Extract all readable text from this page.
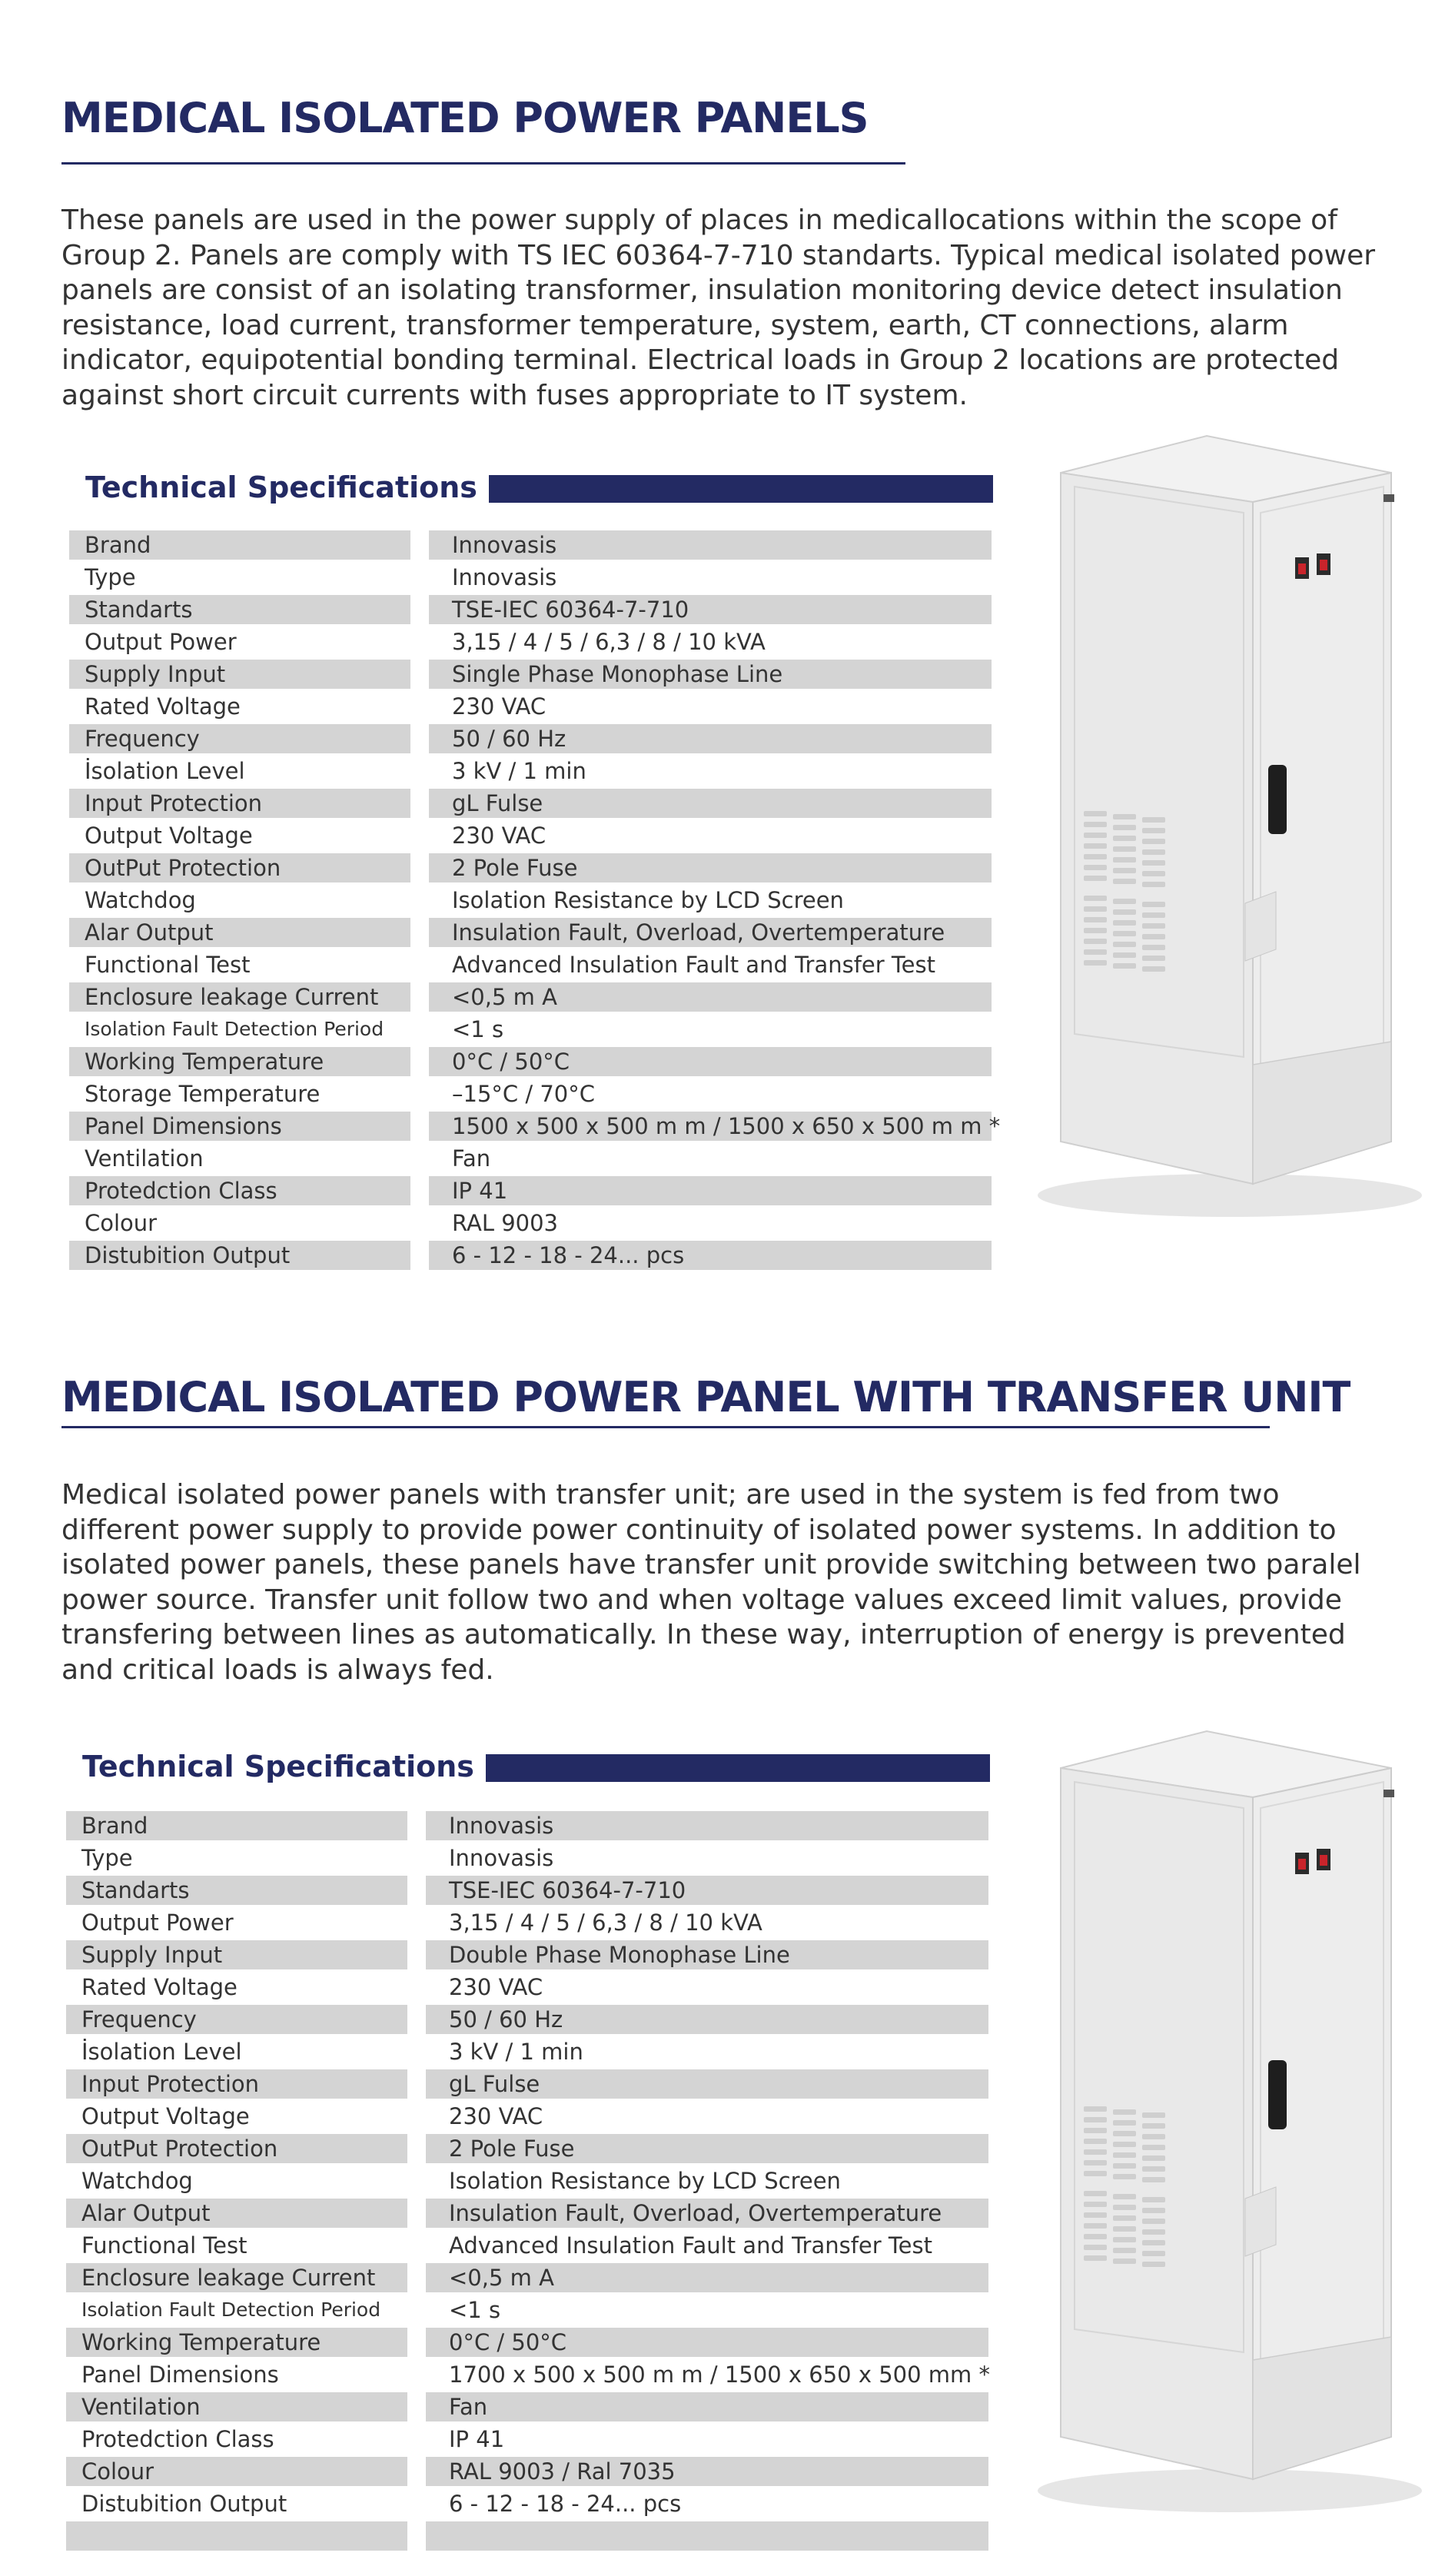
MEDICAL ISOLATED POWER PANELS

These panels are used in the power supply of places in medicallocations within the scope of Group 2. Panels are comply with TS IEC 60364-7-710 standarts. Typical medical isolated power panels are consist of an isolating transformer, insulation monitoring device detect insulation resistance, load current, transformer temperature, system, earth, CT connections, alarm indicator, equipotential bonding terminal. Electrical loads in Group 2 locations are protected against short circuit currents with fuses appropriate to IT system.

Technical Specifications
Brand	Innovasis
Type	Innovasis
Standarts	TSE-IEC 60364-7-710
Output Power	3,15 / 4 / 5 / 6,3 / 8 / 10 kVA
Supply Input	Single Phase Monophase Line
Rated Voltage	230 VAC
Frequency	50 / 60 Hz
İsolation Level	3 kV / 1 min
Input Protection	gL Fulse
Output Voltage	230 VAC
OutPut Protection	2 Pole Fuse
Watchdog	Isolation Resistance by LCD Screen
Alar Output	Insulation Fault, Overload, Overtemperature
Functional Test	Advanced Insulation Fault and Transfer Test
Enclosure leakage Current	<0,5 m A
Isolation Fault Detection Period	<1 s
Working Temperature	0°C / 50°C
Storage Temperature	–15°C / 70°C
Panel Dimensions	1500 x 500 x 500 m m / 1500 x 650 x 500 m m *
Ventilation	Fan
Protedction Class	IP 41
Colour	RAL 9003
Distubition Output	6 - 12 - 18 - 24... pcs
MEDICAL ISOLATED POWER PANEL WITH TRANSFER UNIT

Medical isolated power panels with transfer unit; are used in the system is fed from two different power supply to provide power continuity of isolated power systems. In addition to isolated power panels, these panels have transfer unit provide switching between two paralel power source. Transfer unit follow two and when voltage values exceed limit values, provide transfering between lines as automatically. In these way, interruption of energy is prevented and critical loads is always fed.

Technical Specifications
Brand	Innovasis
Type	Innovasis
Standarts	TSE-IEC 60364-7-710
Output Power	3,15 / 4 / 5 / 6,3 / 8 / 10 kVA
Supply Input	Double Phase Monophase Line
Rated Voltage	230 VAC
Frequency	50 / 60 Hz
İsolation Level	3 kV / 1 min
Input Protection	gL Fulse
Output Voltage	230 VAC
OutPut Protection	2 Pole Fuse
Watchdog	Isolation Resistance by LCD Screen
Alar Output	Insulation Fault, Overload, Overtemperature
Functional Test	Advanced Insulation Fault and Transfer Test
Enclosure leakage Current	<0,5 m A
Isolation Fault Detection Period	<1 s
Working Temperature	0°C / 50°C
Panel Dimensions	1700 x 500 x 500 m m / 1500 x 650 x 500 mm *
Ventilation	Fan
Protedction Class	IP 41
Colour	RAL 9003 / Ral 7035
Distubition Output	6 - 12 - 18 - 24... pcs
